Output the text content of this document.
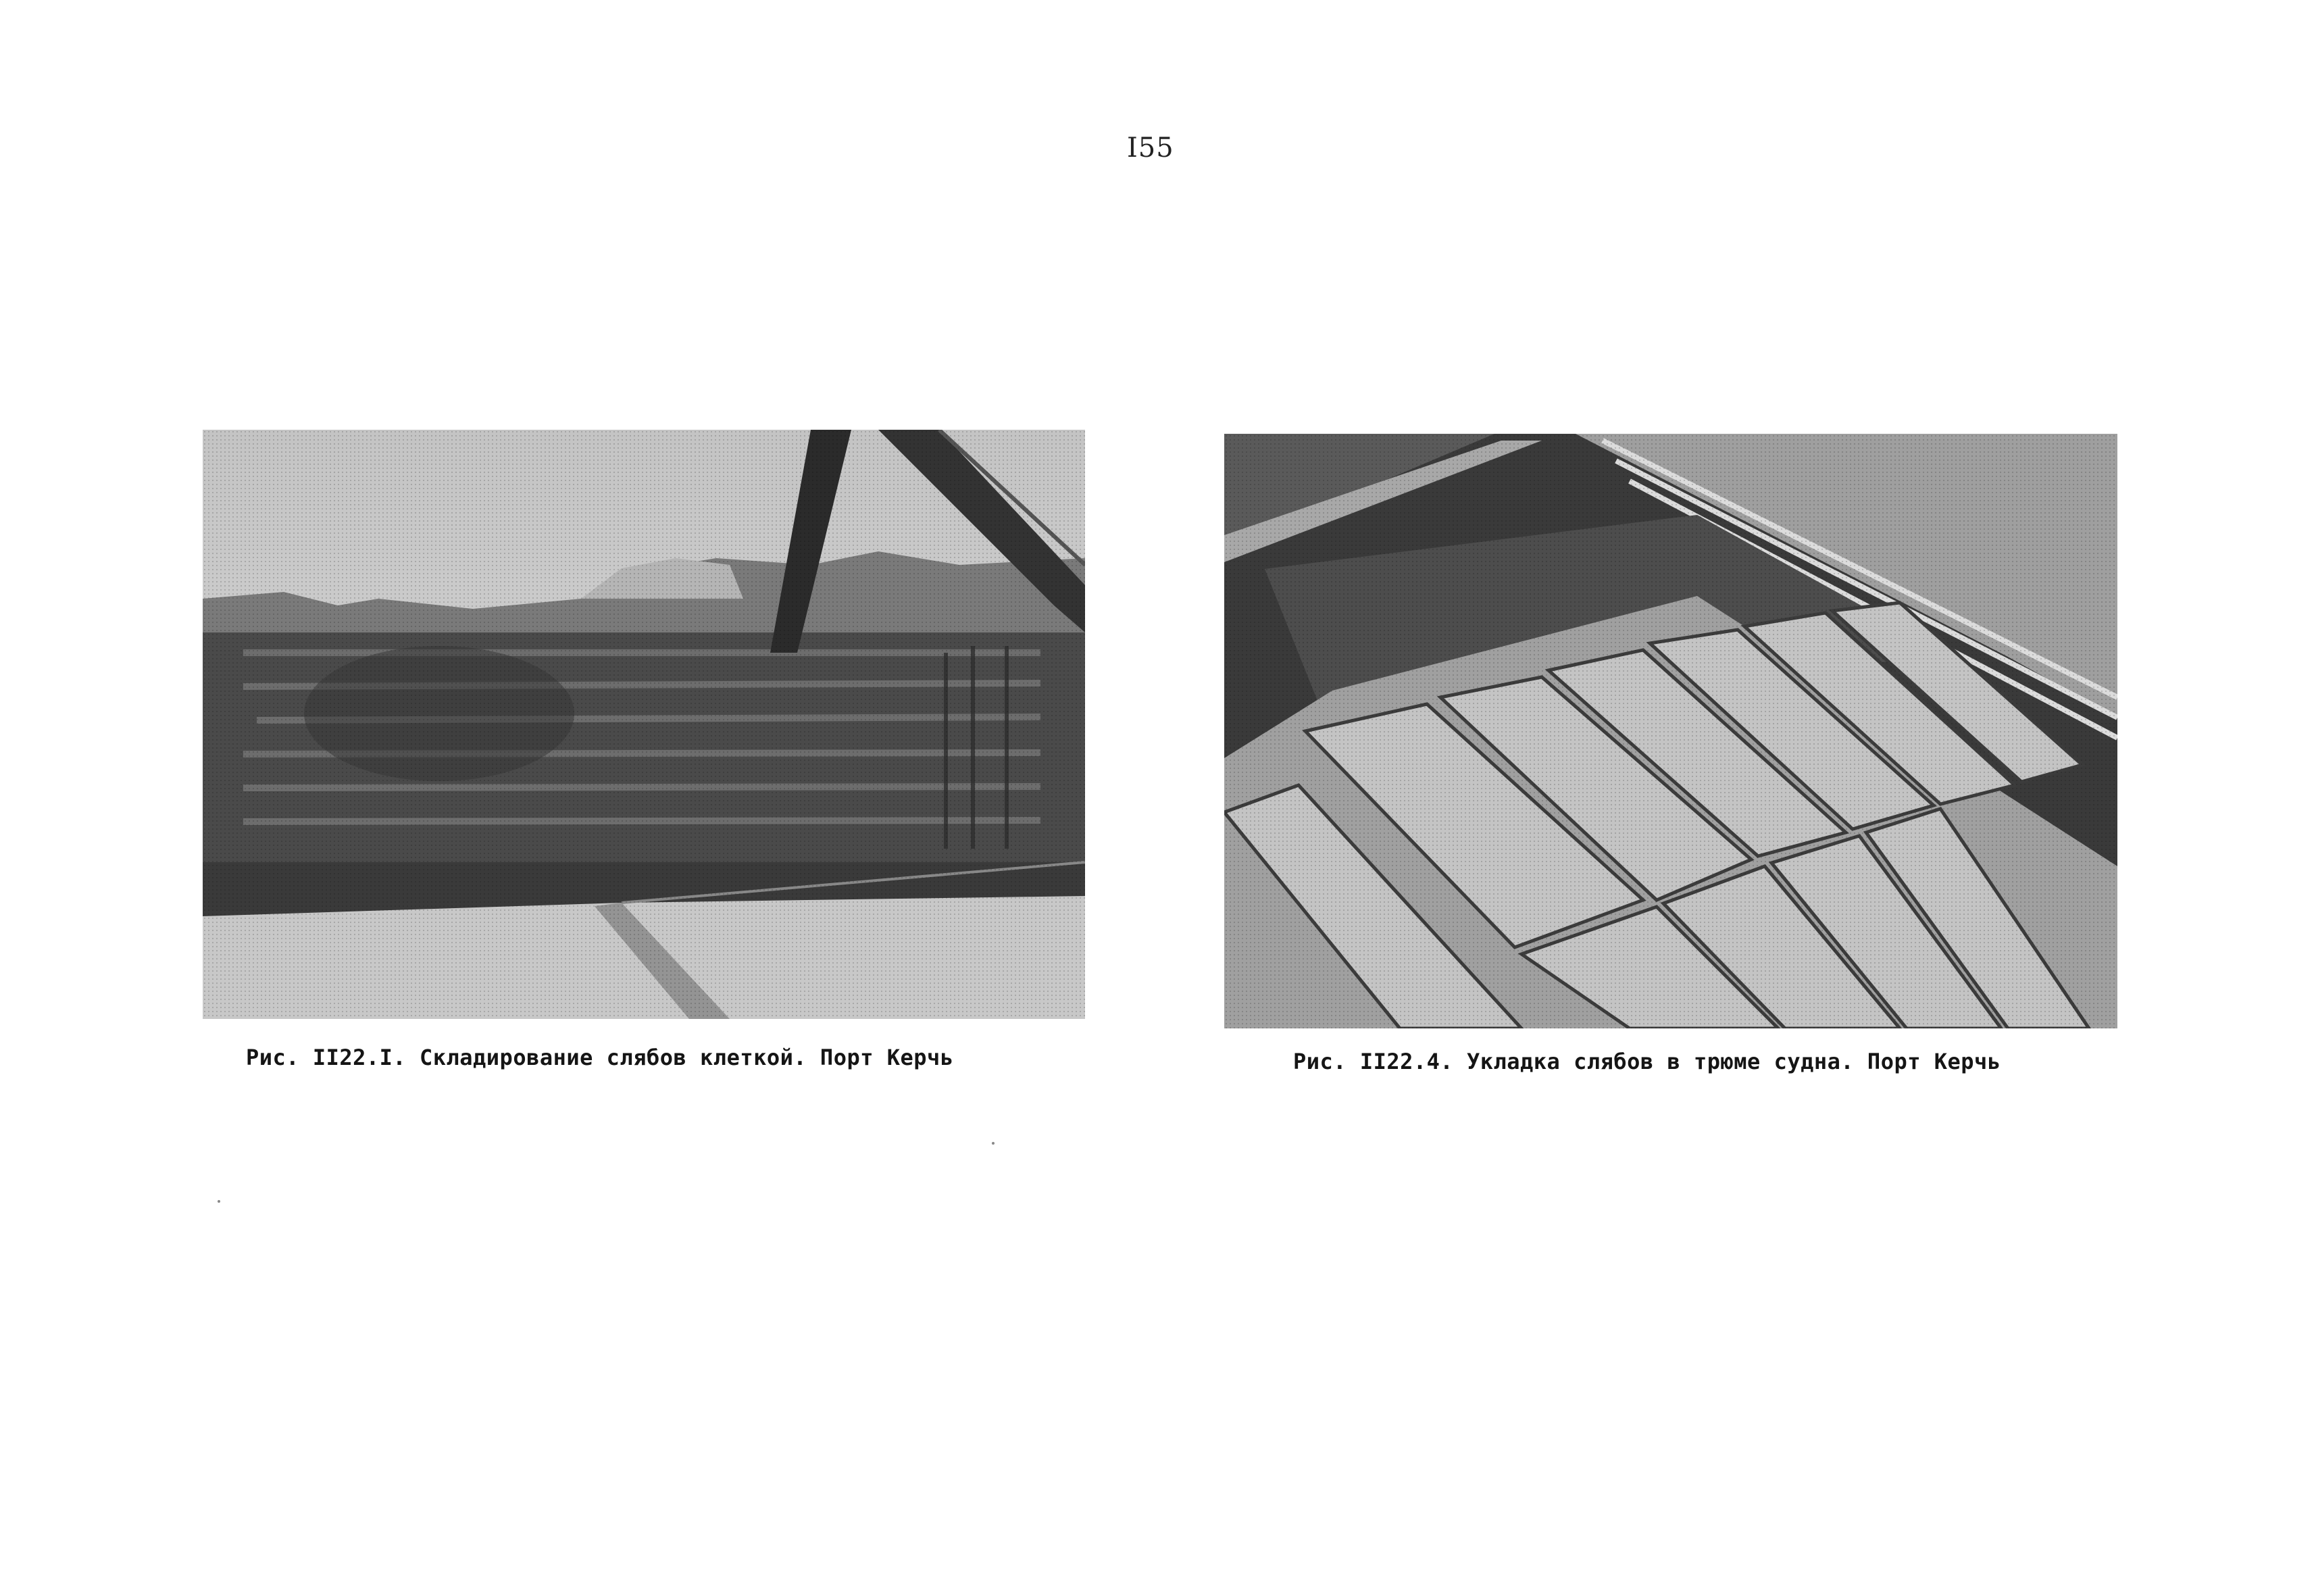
I55
Рис. II22.I. Складирование слябов клеткой. Порт Керчь	Рис. II22.4. Укладка слябов в трюме судна. Порт Керчь
